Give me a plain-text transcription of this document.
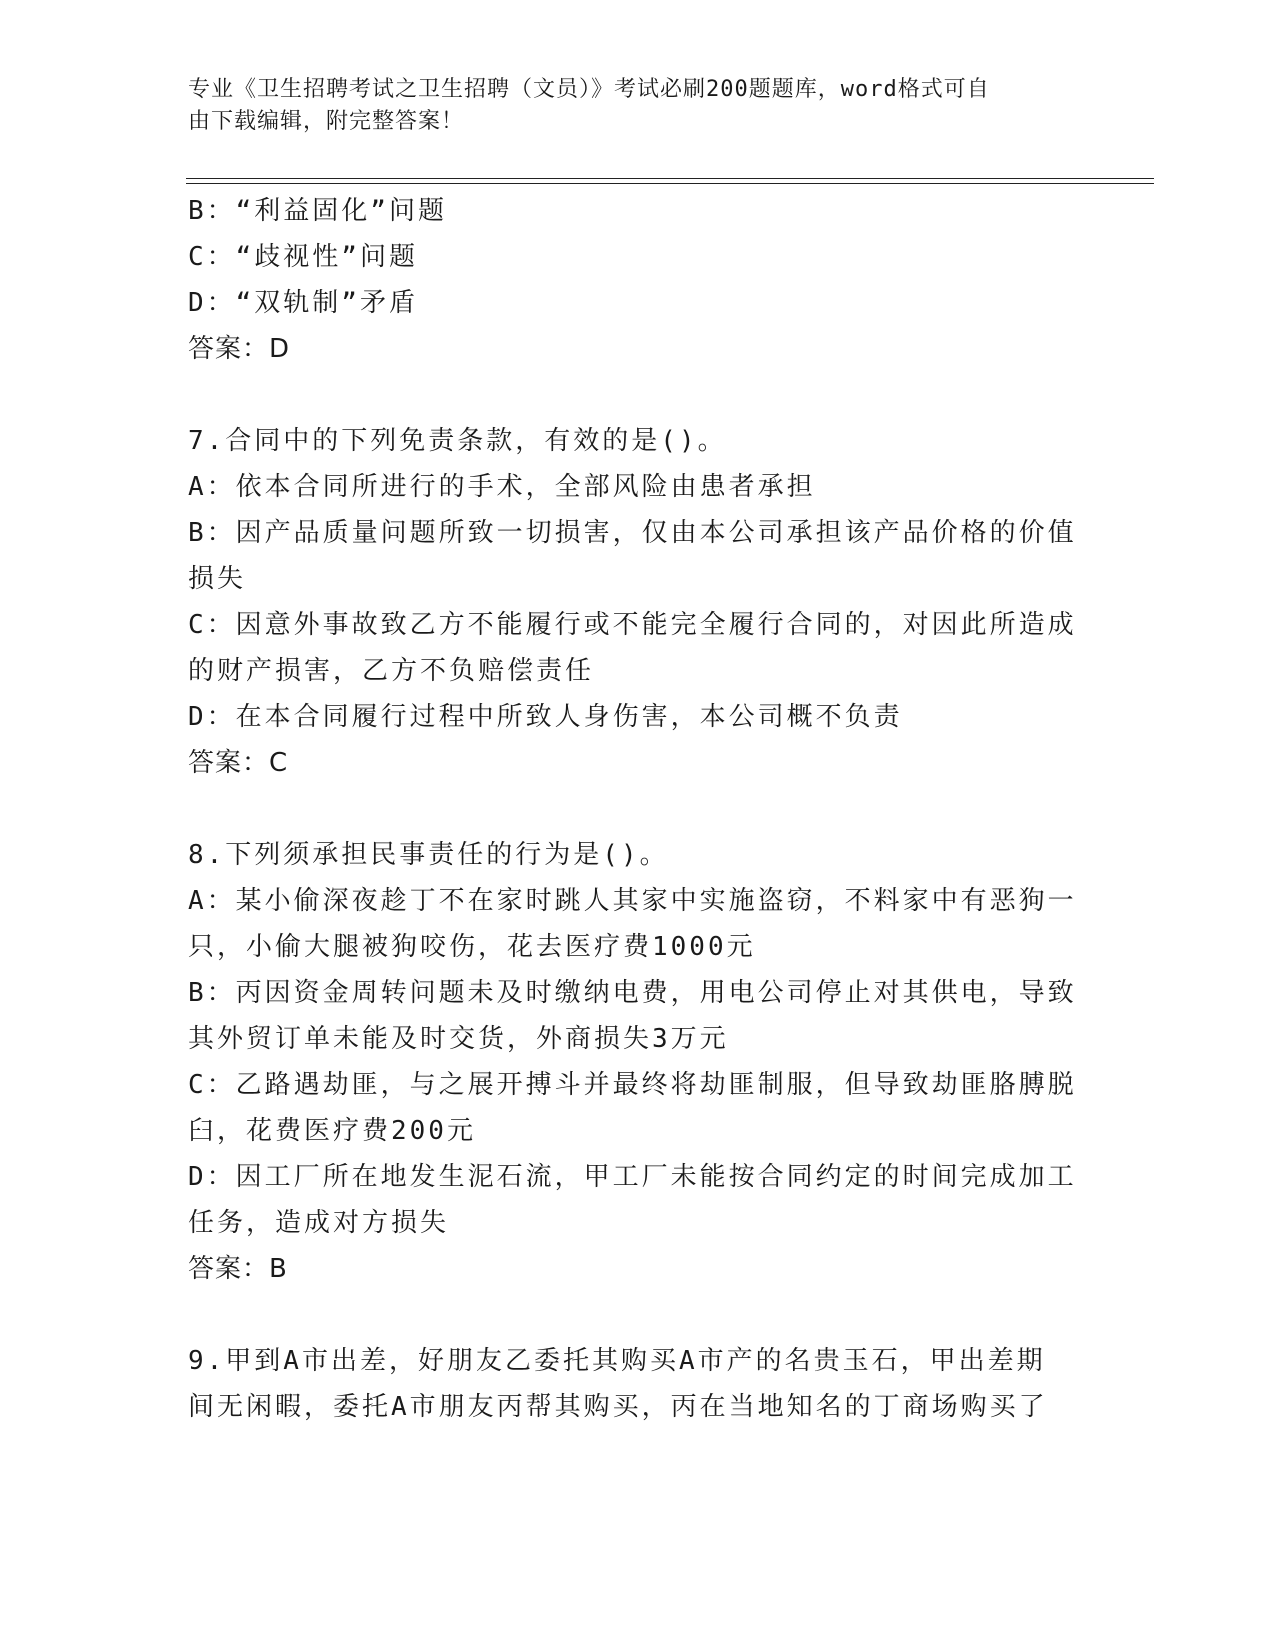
专业《卫生招聘考试之卫生招聘（文员）》考试必刷200题题库，word格式可自
由下载编辑，附完整答案！
B：“利益固化”问题
C：“歧视性”问题
D：“双轨制”矛盾
答案：D
7.合同中的下列免责条款，有效的是()。
A：依本合同所进行的手术，全部风险由患者承担
B：因产品质量问题所致一切损害，仅由本公司承担该产品价格的价值
损失
C：因意外事故致乙方不能履行或不能完全履行合同的，对因此所造成
的财产损害，乙方不负赔偿责任
D：在本合同履行过程中所致人身伤害，本公司概不负责
答案：C
8.下列须承担民事责任的行为是()。
A：某小偷深夜趁丁不在家时跳人其家中实施盗窃，不料家中有恶狗一
只，小偷大腿被狗咬伤，花去医疗费1000元
B：丙因资金周转问题未及时缴纳电费，用电公司停止对其供电，导致
其外贸订单未能及时交货，外商损失3万元
C：乙路遇劫匪，与之展开搏斗并最终将劫匪制服，但导致劫匪胳膊脱
臼，花费医疗费200元
D：因工厂所在地发生泥石流，甲工厂未能按合同约定的时间完成加工
任务，造成对方损失
答案：B
9.甲到A市出差，好朋友乙委托其购买A市产的名贵玉石，甲出差期
间无闲暇，委托A市朋友丙帮其购买，丙在当地知名的丁商场购买了
